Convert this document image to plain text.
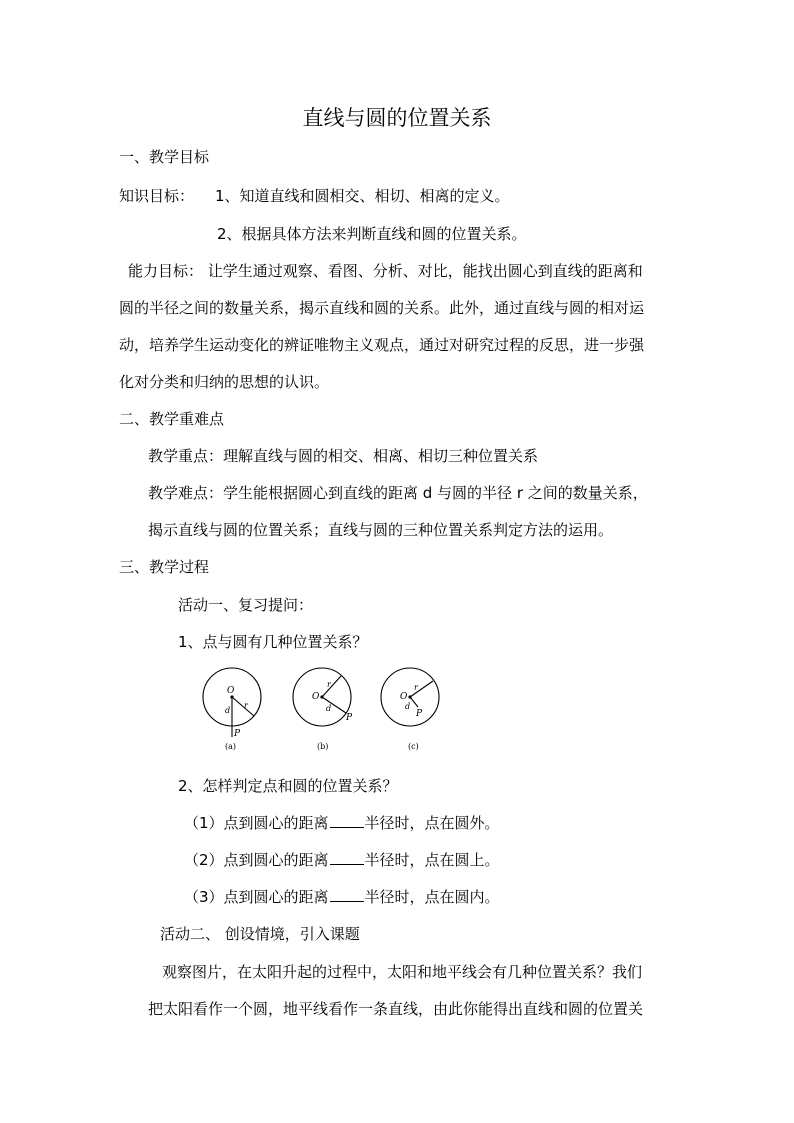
直线与圆的位置关系
一、教学目标
知识目标： 1、知道直线和圆相交、相切、相离的定义。
2、根据具体方法来判断直线和圆的位置关系。
能力目标： 让学生通过观察、看图、分析、对比，能找出圆心到直线的距离和
圆的半径之间的数量关系，揭示直线和圆的关系。此外，通过直线与圆的相对运
动，培养学生运动变化的辨证唯物主义观点，通过对研究过程的反思，进一步强
化对分类和归纳的思想的认识。
二、教学重难点
教学重点：理解直线与圆的相交、相离、相切三种位置关系
教学难点：学生能根据圆心到直线的距离 d 与圆的半径 r 之间的数量关系，
揭示直线与圆的位置关系；直线与圆的三种位置关系判定方法的运用。
三、教学过程
活动一、复习提问：
1、点与圆有几种位置关系？
O
r
d
P
(a)
O
r
d
P
(b)
O
r
d
P
(c)
2、怎样判定点和圆的位置关系？
（1）点到圆心的距离 半径时，点在圆外。
（2）点到圆心的距离 半径时，点在圆上。
（3）点到圆心的距离 半径时，点在圆内。
活动二、 创设情境，引入课题
观察图片，在太阳升起的过程中，太阳和地平线会有几种位置关系？我们
把太阳看作一个圆，地平线看作一条直线，由此你能得出直线和圆的位置关
